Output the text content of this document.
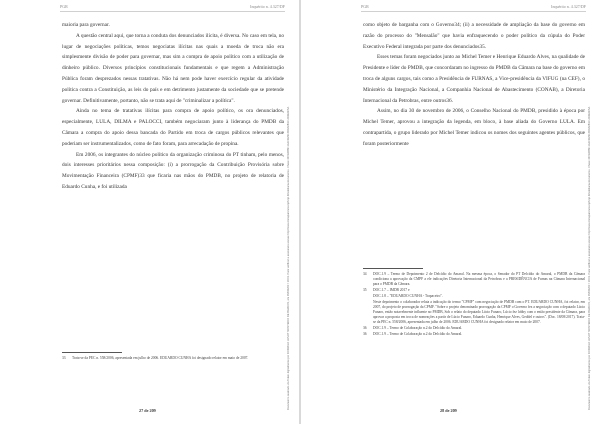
PGR	Inquérito n. 4.327/DF

maioria para governar.

A questão central aqui, que torna a conduta dos denunciados ilícita, é diversa. No caso em tela, no lugar de negociações políticas, temos negociatas ilícitas nas quais a moeda de troca não era simplesmente divisão de poder para governar, mas sim a compra de apoio político com a utilização de dinheiro público. Diversos princípios constitucionais fundamentais e que regem a Administração Pública foram desprezados nessas tratativas. Não há nem pode haver exercício regular da atividade política contra a Constituição, as leis do país e em detrimento justamente da sociedade que se pretende governar. Definitivamente, portanto, não se trata aqui de "criminalizar a política".

Ainda no tema de tratativas ilícitas para compra de apoio político, os ora denunciados, especialmente, LULA, DILMA e PALOCCI, também negociaram junto à liderança do PMDB da Câmara a compra do apoio dessa bancada do Partido em troca de cargos públicos relevantes que poderiam ser instrumentalizados, como de fato foram, para arrecadação de propina.

Em 2006, os integrantes do núcleo político da organização criminosa do PT tinham, pelo menos, dois interesses prioritários nessa composição: (i) a prorrogação da Contribuição Provisória sobre Movimentação Financeira (CPMF)33 que ficaria nas mãos do PMDB, no projeto de relatoria de Eduardo Cunha, e foi utilizada

33	Trata-se da PEC n. 558/2006, apresentada em julho de 2006. EDUARDO CUNHA foi designado relator em maio de 2007.
27 de 209
Documento assinado via Token digitalmente por RODRIGO JANOT MONTEIRO DE BARROS, em 05/09/2017 19:01. Para verificar a assinatura acesse http://www.transparencia.mpf.mp.br/validacaodocumento. Chave 4D7E0B6F.1A2C3E5D.8F9A0B1C.2D3E4F5A
PGR	Inquérito n. 4.327/DF

como objeto de barganha com o Governo34; (ii) a necessidade de ampliação da base do governo em razão do processo do "Mensalão" que havia enfraquecendo o poder político da cúpula do Poder Executivo Federal integrada por parte dos denunciados35.

Esses temas foram negociados junto ao Michel Temer e Henrique Eduardo Alves, na qualidade de Presidente e líder do PMDB, que concordaram no ingresso do PMDB da Câmara na base do governo em troca de alguns cargos, tais como a Presidência de FURNAS, a Vice-presidência da VIFUG (na CEF), o Ministério da Integração Nacional, a Companhia Nacional de Abastecimento (CONAB), a Diretoria Internacional da Petrobras, entre outros36.

Assim, no dia 30 de novembro de 2006, o Conselho Nacional do PMDB, presidido à época por Michel Temer, aprovou a integração da legenda, em bloco, à base aliada do Governo LULA. Em contrapartida, o grupo liderado por Michel Temer indicou os nomes dos seguintes agentes públicos, que foram posteriormente

34	DOC.1.9 – Termo de Depoimento 2 de Delcídio do Amaral. Na mesma época, o Senador do PT Delcídio do Amaral, o PMDB da Câmara condiciona a aprovação da CMPF a ele indicações Diretoria Internacional da Petrobras e a PRESIDÊNCIA de Furnas na Câmara Internacional para o PMDB da Câmara.
35	DOC.1.7 – IMDB 2017 e
DOC.1.8 – "EDUARDO CUNHA - Trapaceiro".
Neste depoimento o colaborador relata a indicação do termo "CPMF" com negociação de PMDB com o PT. EDUARDO CUNHA, foi relator, em 2007, do projeto de prorrogação da CPMF. "Sobre o projeto denominado prorrogação da CPMF o Governo fez a negociação com o deputado Lúcio Funaro, então notavelmente influente no PMDB, Sob o relato do deputado Lúcio Funaro, Lúcio fez lobby com o então presidente da Câmara, para aprovar a proposta em troca de nomeações a partir de Lúcio Funaro, Eduardo Cunha, Henrique Alves, Geddel e outros". (Doc. 18/08/2017). Trata-se da PEC n. 558/2006, apresentada em julho de 2006. EDUARDO CUNHA foi designado relator em maio de 2007.
36	DOC.1.9 – Termo de Colaboração n.2 do Delcídio do Amaral.
36	DOC.1.9 – Termo de Colaboração n.2 do Delcídio do Amaral.
28 de 209
Documento assinado via Token digitalmente por RODRIGO JANOT MONTEIRO DE BARROS, em 05/09/2017 19:01. Para verificar a assinatura acesse http://www.transparencia.mpf.mp.br/validacaodocumento. Chave 4D7E0B6F.1A2C3E5D.8F9A0B1C.2D3E4F5A
